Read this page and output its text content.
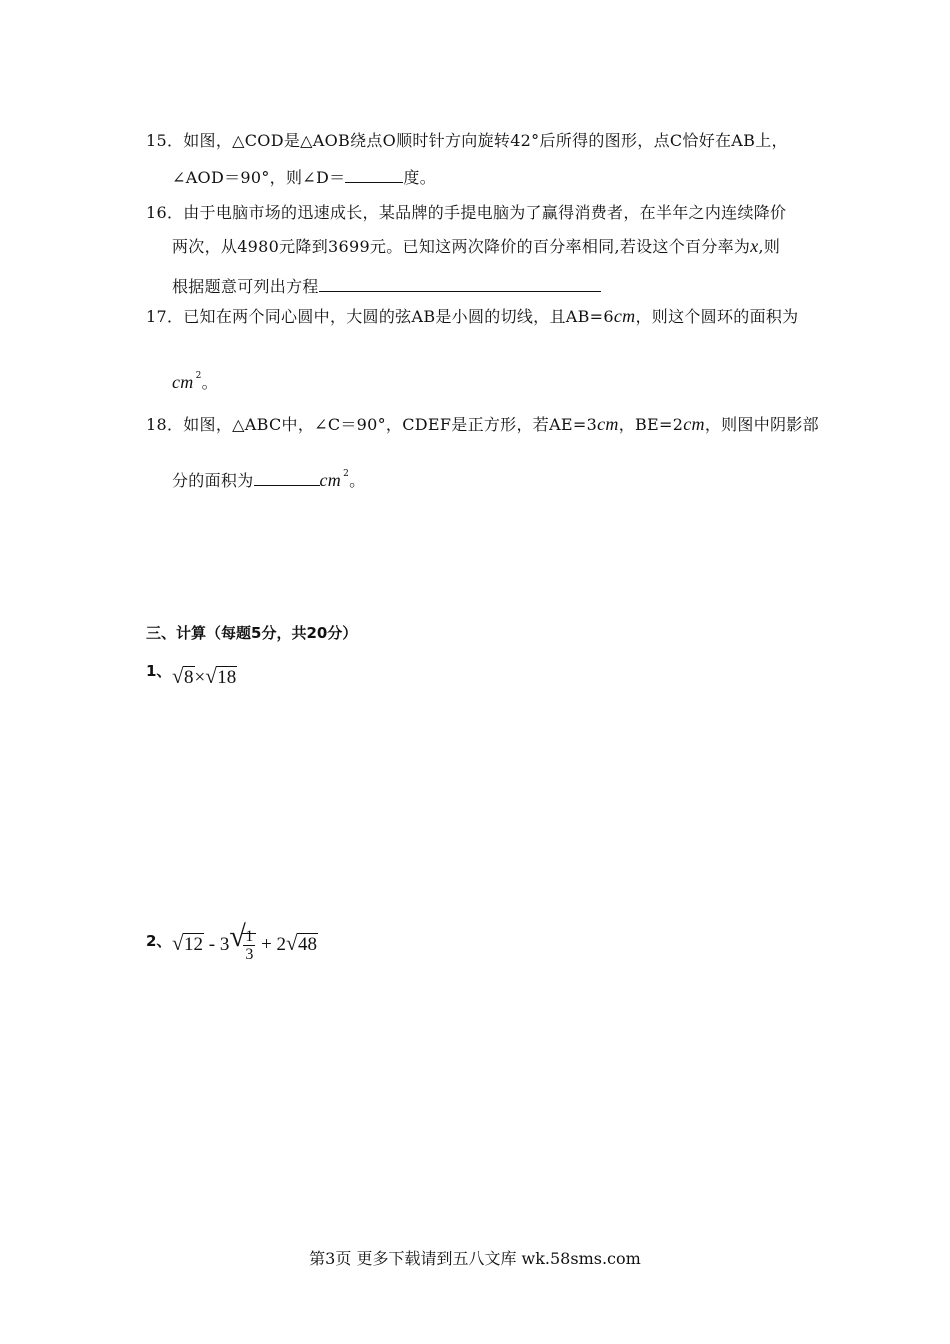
15．如图，△COD是△AOB绕点O顺时针方向旋转42°后所得的图形，点C恰好在AB上，
∠AOD＝90°，则∠D＝	度。
16．由于电脑市场的迅速成长，某品牌的手提电脑为了赢得消费者，在半年之内连续降价
两次，从4980元降到3699元。已知这两次降价的百分率相同,若设这个百分率为x,则
根据题意可列出方程
17．已知在两个同心圆中，大圆的弦AB是小圆的切线，且AB=6cm，则这个圆环的面积为
cm $^2$。
18．如图，△ABC中，∠C＝90°，CDEF是正方形，若AE=3cm，BE=2cm，则图中阴影部
分的面积为	cm $^2$。
三、计算（每题5分，共20分）
1、 √ 8× √ 18
2、 √ 12 - 3 √
$\frac{1}{3} + 2$ √ 48
第3页 更多下载请到五八文库 wk.58sms.com
